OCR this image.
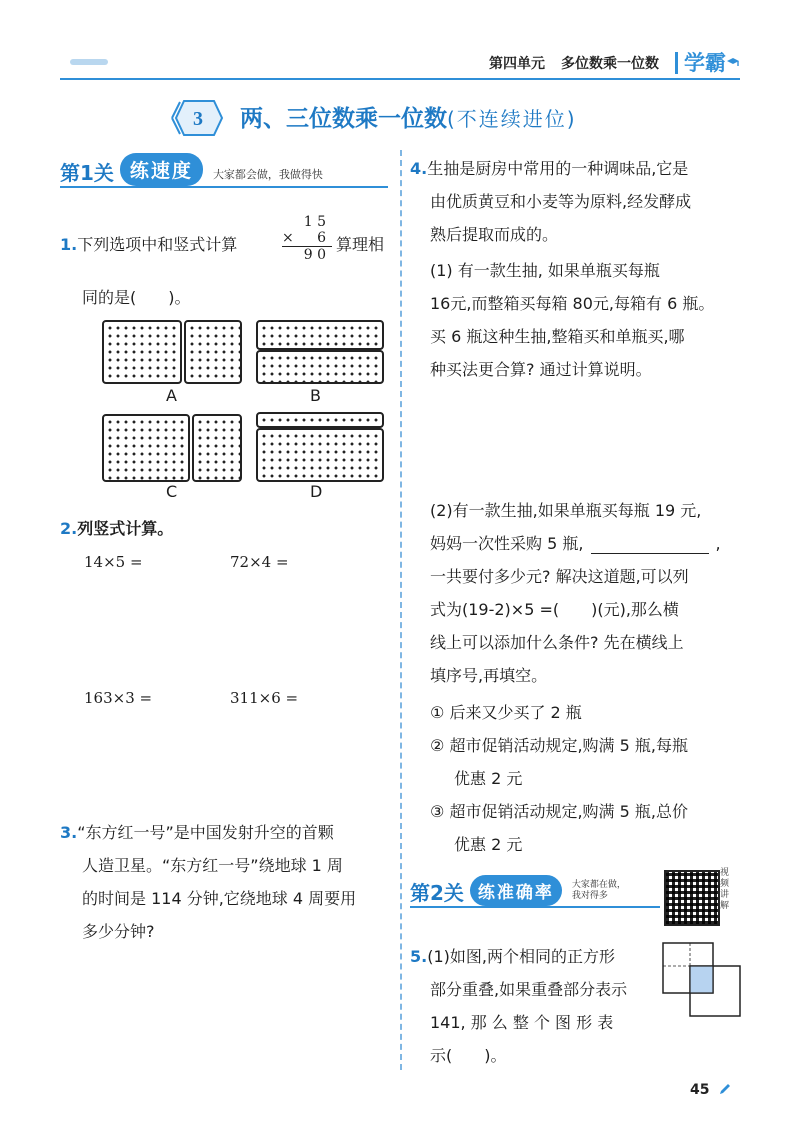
第四单元 多位数乘一位数 学霸
3 两、三位数乘一位数(不连续进位)
第1关 练速度	大家都会做，我做得快
1.下列选项中和竖式计算
1 5
× 6
9 0
算理相
同的是(　　)。
A	B
C	D
2.列竖式计算。
14×5 =	72×4 =
163×3 =	311×6 =
3.“东方红一号”是中国发射升空的首颗
人造卫星。“东方红一号”绕地球 1 周
的时间是 114 分钟,它绕地球 4 周要用
多少分钟?
4.生抽是厨房中常用的一种调味品,它是
由优质黄豆和小麦等为原料,经发酵成
熟后提取而成的。
(1) 有一款生抽, 如果单瓶买每瓶
16元,而整箱买每箱 80元,每箱有 6 瓶。
买 6 瓶这种生抽,整箱买和单瓶买,哪
种买法更合算? 通过计算说明。
(2)有一款生抽,如果单瓶买每瓶 19 元,
妈妈一次性采购 5 瓶,	,
一共要付多少元? 解决这道题,可以列
式为(19-2)×5 =(　　)(元),那么横
线上可以添加什么条件? 先在横线上
填序号,再填空。
① 后来又少买了 2 瓶
② 超市促销活动规定,购满 5 瓶,每瓶
优惠 2 元
③ 超市促销活动规定,购满 5 瓶,总价
优惠 2 元
第2关 练准确率	大家都在做，我对得多
视频讲解
5.(1)如图,两个相同的正方形
部分重叠,如果重叠部分表示
141, 那 么 整 个 图 形 表
示(　　)。
45
